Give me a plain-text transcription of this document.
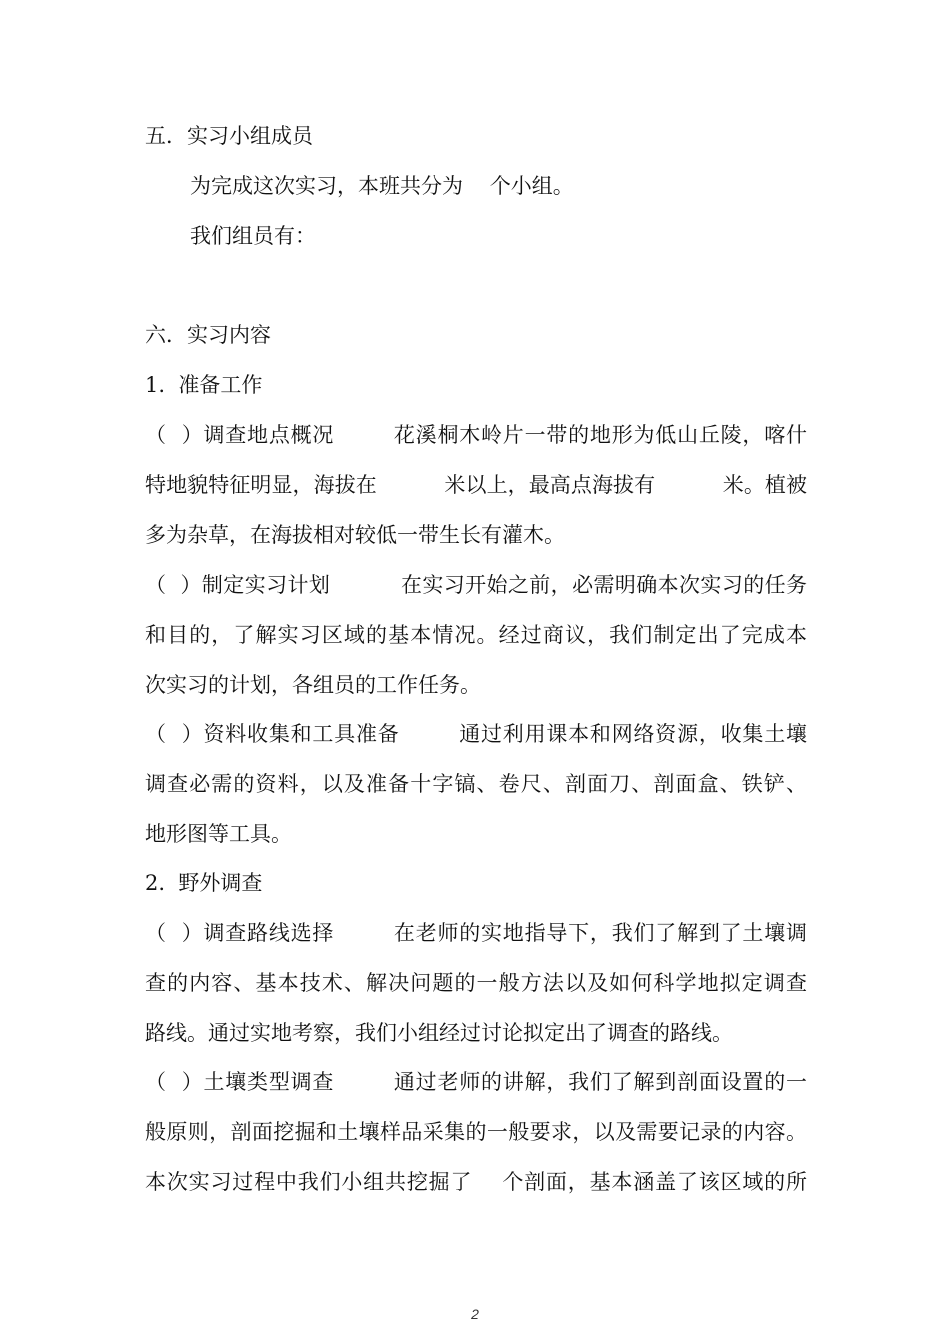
五．实习小组成员
为完成这次实习，本班共分为    个小组。
我们组员有：
六．实习内容
1.  准备工作
（  ）调查地点概况        花溪桐木岭片一带的地形为低山丘陵，喀什
特地貌特征明显，海拔在          米以上，最高点海拔有          米。植被
多为杂草，在海拔相对较低一带生长有灌木。
（  ）制定实习计划          在实习开始之前，必需明确本次实习的任务
和目的，了解实习区域的基本情况。经过商议，我们制定出了完成本
次实习的计划，各组员的工作任务。
（  ）资料收集和工具准备        通过利用课本和网络资源，收集土壤
调查必需的资料，以及准备十字镐、卷尺、剖面刀、剖面盒、铁铲、
地形图等工具。
2.  野外调查
（  ）调查路线选择        在老师的实地指导下，我们了解到了土壤调
查的内容、基本技术、解决问题的一般方法以及如何科学地拟定调查
路线。通过实地考察，我们小组经过讨论拟定出了调查的路线。
（  ）土壤类型调查        通过老师的讲解，我们了解到剖面设置的一
般原则，剖面挖掘和土壤样品采集的一般要求，以及需要记录的内容。
本次实习过程中我们小组共挖掘了    个剖面，基本涵盖了该区域的所
2
